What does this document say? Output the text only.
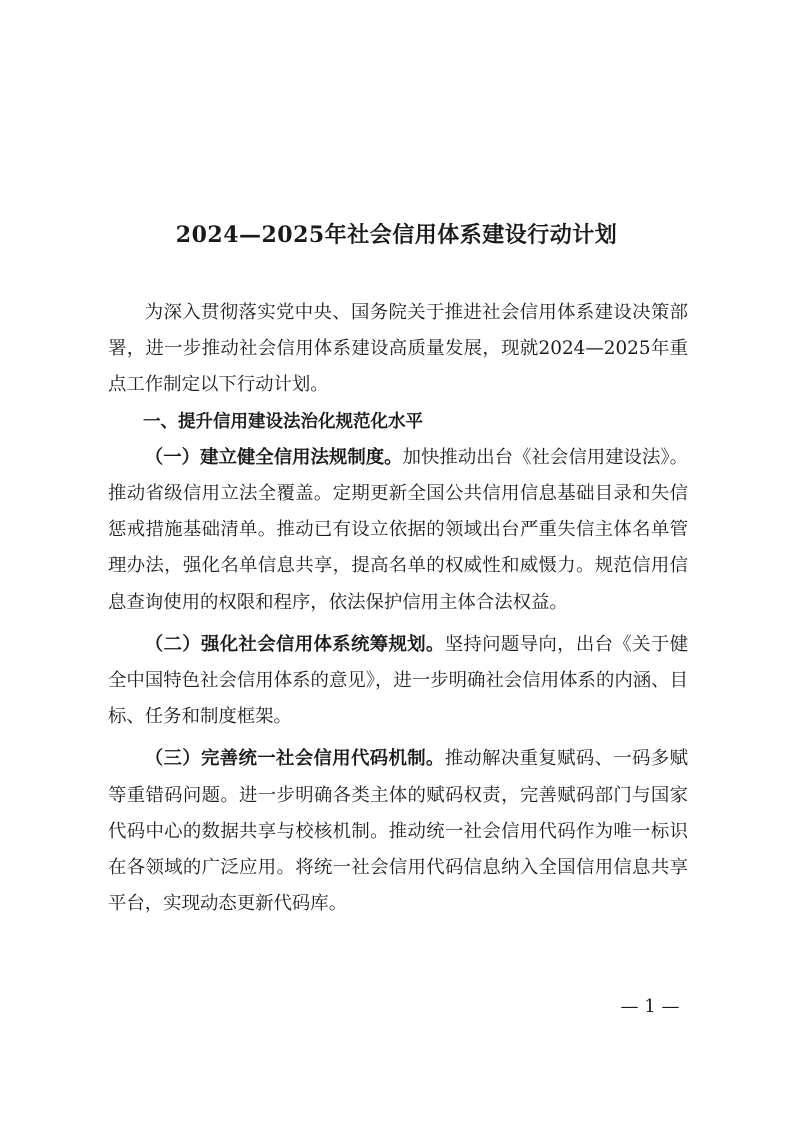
2024—2025年社会信用体系建设行动计划

为深入贯彻落实党中央、国务院关于推进社会信用体系建设决策部署，进一步推动社会信用体系建设高质量发展，现就2024—2025年重点工作制定以下行动计划。

一、提升信用建设法治化规范化水平

（一）建立健全信用法规制度。加快推动出台《社会信用建设法》。推动省级信用立法全覆盖。定期更新全国公共信用信息基础目录和失信惩戒措施基础清单。推动已有设立依据的领域出台严重失信主体名单管理办法，强化名单信息共享，提高名单的权威性和威慑力。规范信用信息查询使用的权限和程序，依法保护信用主体合法权益。

（二）强化社会信用体系统筹规划。坚持问题导向，出台《关于健全中国特色社会信用体系的意见》，进一步明确社会信用体系的内涵、目标、任务和制度框架。

（三）完善统一社会信用代码机制。推动解决重复赋码、一码多赋等重错码问题。进一步明确各类主体的赋码权责，完善赋码部门与国家代码中心的数据共享与校核机制。推动统一社会信用代码作为唯一标识在各领域的广泛应用。将统一社会信用代码信息纳入全国信用信息共享平台，实现动态更新代码库。

— 1 —
